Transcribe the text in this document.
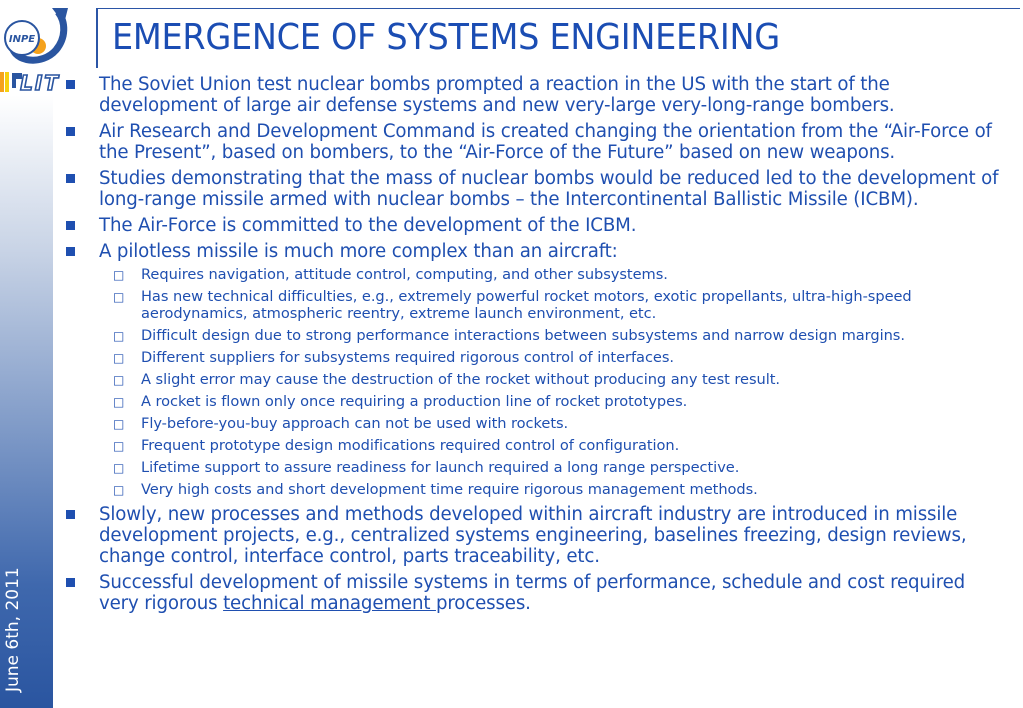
June 6th, 2011
INPE
LIT
EMERGENCE OF SYSTEMS ENGINEERING
The Soviet Union test nuclear bombs prompted a reaction in the US with the start of the development of large air defense systems and new very-large very-long-range bombers.
Air Research and Development Command is created changing the orientation from the “Air-Force of the Present”, based on bombers, to the “Air-Force of the Future” based on new weapons.
Studies demonstrating that the mass of nuclear bombs would be reduced led to the development of long-range missile armed with nuclear bombs – the Intercontinental Ballistic Missile (ICBM).
The Air-Force is committed to the development of the ICBM.
A pilotless missile is much more complex than an aircraft:
□ Requires navigation, attitude control, computing, and other subsystems.
□ Has new technical difficulties, e.g., extremely powerful rocket motors, exotic propellants, ultra-high-speed aerodynamics, atmospheric reentry, extreme launch environment, etc.
□ Difficult design due to strong performance interactions between subsystems and narrow design margins.
□ Different suppliers for subsystems required rigorous control of interfaces.
□ A slight error may cause the destruction of the rocket without producing any test result.
□ A rocket is flown only once requiring a production line of rocket prototypes.
□ Fly-before-you-buy approach can not be used with rockets.
□ Frequent prototype design modifications required control of configuration.
□ Lifetime support to assure readiness for launch required a long range perspective.
□ Very high costs and short development time require rigorous management methods.
Slowly, new processes and methods developed within aircraft industry are introduced in missile development projects, e.g., centralized systems engineering, baselines freezing, design reviews, change control, interface control, parts traceability, etc.
Successful development of missile systems in terms of performance, schedule and cost required very rigorous technical management processes.
